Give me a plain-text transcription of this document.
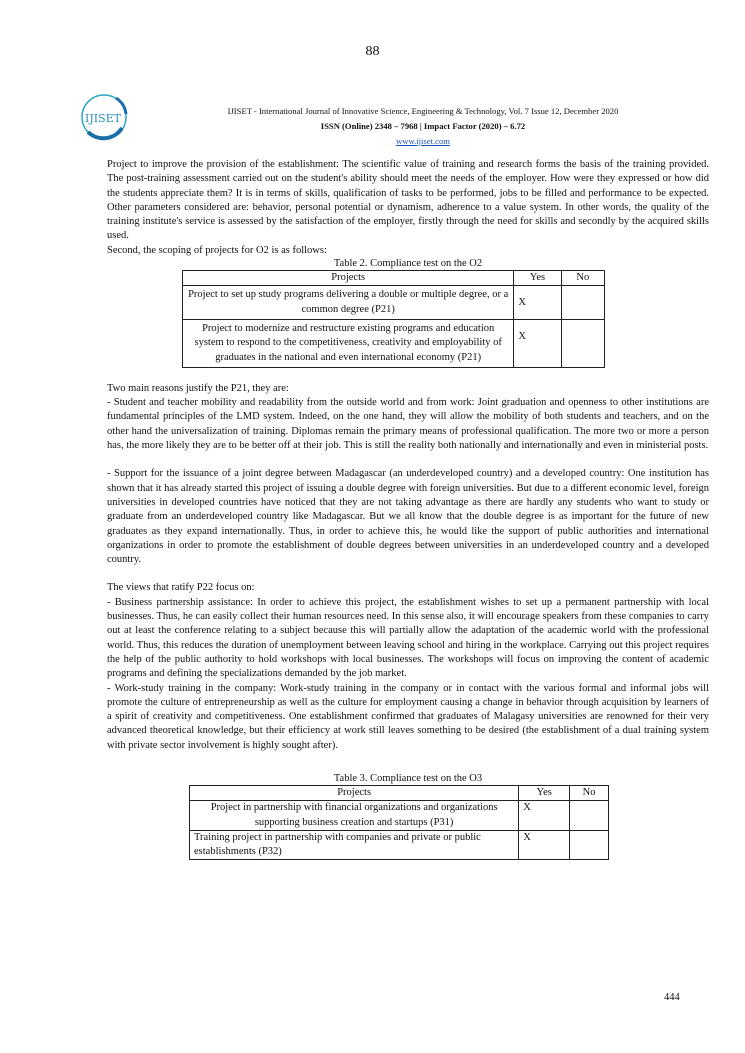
88
IJISET
IJISET - International Journal of Innovative Science, Engineering & Technology, Vol. 7 Issue 12, December 2020
ISSN (Online) 2348 – 7968 | Impact Factor (2020) – 6.72
www.ijiset.com

Project to improve the provision of the establishment: The scientific value of training and research forms the basis of the training provided. The post-training assessment carried out on the student's ability should meet the needs of the employer. How were they expressed or how did the students appreciate them? It is in terms of skills, qualification of tasks to be performed, jobs to be filled and performance to be expected. Other parameters considered are: behavior, personal potential or dynamism, adherence to a value system. In other words, the quality of the training institute's service is assessed by the satisfaction of the employer, firstly through the need for skills and secondly by the acquired skills used.

Second, the scoping of projects for O2 is as follows:

Table 2. Compliance test on the O2
Projects	Yes	No
Project to set up study programs delivering a double or multiple degree, or a common degree (P21)	X	
Project to modernize and restructure existing programs and education system to respond to the competitiveness, creativity and employability of graduates in the national and even international economy (P21)	X	

Two main reasons justify the P21, they are:

- Student and teacher mobility and readability from the outside world and from work: Joint graduation and openness to other institutions are fundamental principles of the LMD system. Indeed, on the one hand, they will allow the mobility of both students and teachers, and on the other hand the universalization of training. Diplomas remain the primary means of professional qualification. The more two or more a person has, the more likely they are to be better off at their job. This is still the reality both nationally and internationally and even in ministerial posts.

- Support for the issuance of a joint degree between Madagascar (an underdeveloped country) and a developed country: One institution has shown that it has already started this project of issuing a double degree with foreign universities. But due to a different economic level, foreign universities in developed countries have noticed that they are not taking advantage as there are hardly any students who want to study or graduate from an underdeveloped country like Madagascar. But we all know that the double degree is as important for the future of new graduates as they expand internationally. Thus, in order to achieve this, he would like the support of public authorities and international organizations in order to promote the establishment of double degrees between universities in an underdeveloped country and a developed country.

The views that ratify P22 focus on:

- Business partnership assistance: In order to achieve this project, the establishment wishes to set up a permanent partnership with local businesses. Thus, he can easily collect their human resources need. In this sense also, it will encourage speakers from these companies to carry out at least the conference relating to a subject because this will partially allow the adaptation of the academic world with the professional world. Thus, this reduces the duration of unemployment between leaving school and hiring in the workplace. Carrying out this project requires the help of the public authority to hold workshops with local businesses. The workshops will focus on improving the content of academic programs and defining the specializations demanded by the job market.

- Work-study training in the company: Work-study training in the company or in contact with the various formal and informal jobs will promote the culture of entrepreneurship as well as the culture for employment causing a change in behavior through acquisition by learners of a spirit of creativity and competitiveness. One establishment confirmed that graduates of Malagasy universities are renowned for their very advanced theoretical knowledge, but their efficiency at work still leaves something to be desired (the establishment of a dual training system with private sector involvement is highly sought after).

Table 3. Compliance test on the O3
Projects	Yes	No
Project in partnership with financial organizations and organizations supporting business creation and startups (P31)	X	
Training project in partnership with companies and private or public establishments (P32)	X	
444
